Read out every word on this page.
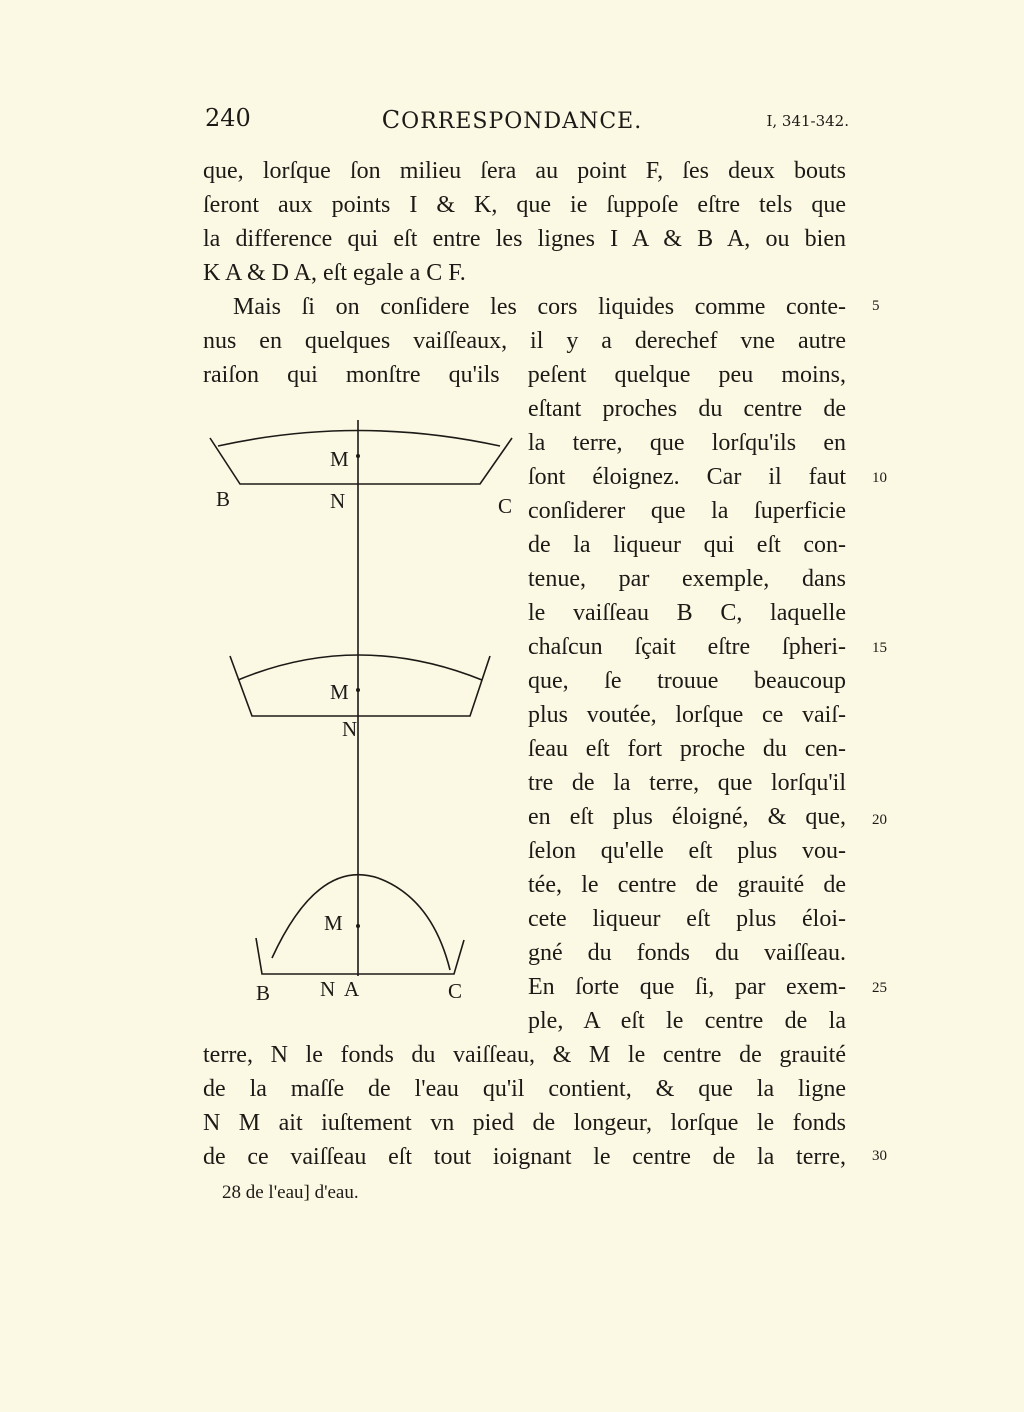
240	CORRESPONDANCE.	I, 341-342.
que, lorſque ſon milieu ſera au point F, ſes deux bouts
ſeront aux points I & K, que ie ſuppoſe eſtre tels que
la difference qui eſt entre les lignes I A & B A, ou bien
K A & D A, eſt egale a C F.
Mais ſi on conſidere les cors liquides comme conte-
nus en quelques vaiſſeaux, il y a derechef vne autre
raiſon qui monſtre qu'ils peſent quelque peu moins,
eſtant proches du centre de
la terre, que lorſqu'ils en
ſont éloignez. Car il faut
conſiderer que la ſuperficie
de la liqueur qui eſt con-
tenue, par exemple, dans
le vaiſſeau B C, laquelle
chaſcun ſçait eſtre ſpheri-
que, ſe trouue beaucoup
plus voutée, lorſque ce vaiſ-
ſeau eſt fort proche du cen-
tre de la terre, que lorſqu'il
en eſt plus éloigné, & que,
ſelon qu'elle eſt plus vou-
tée, le centre de grauité de
cete liqueur eſt plus éloi-
gné du fonds du vaiſſeau.
En ſorte que ſi, par exem-
ple, A eſt le centre de la
terre, N le fonds du vaiſſeau, & M le centre de grauité
de la maſſe de l'eau qu'il contient, & que la ligne
N M ait iuſtement vn pied de longeur, lorſque le fonds
de ce vaiſſeau eſt tout ioignant le centre de la terre,
5
10
15
20
25
30
M
B	N	C
M
N
M
B N A	C
28 de l'eau] d'eau.
